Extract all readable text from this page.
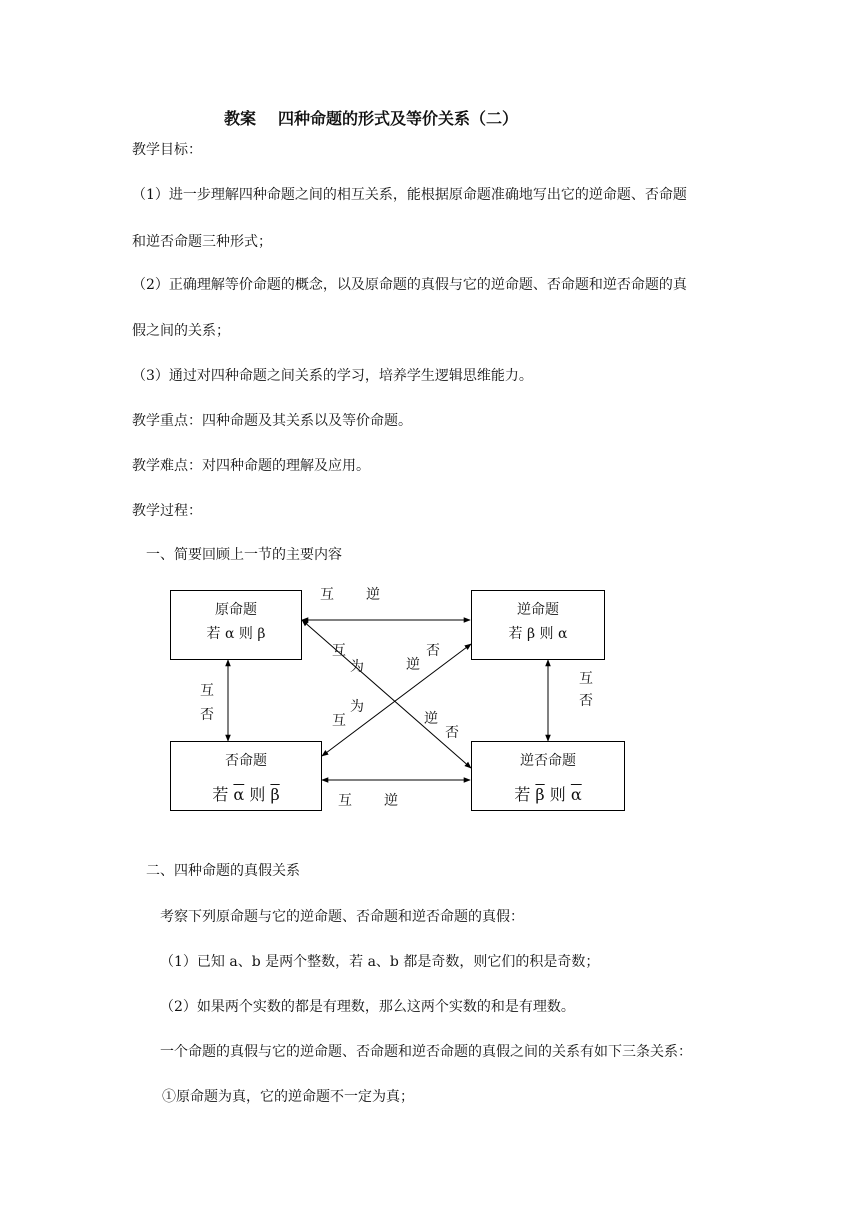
教案 四种命题的形式及等价关系（二）
教学目标：
（1）进一步理解四种命题之间的相互关系，能根据原命题准确地写出它的逆命题、否命题
和逆否命题三种形式；
（2）正确理解等价命题的概念，以及原命题的真假与它的逆命题、否命题和逆否命题的真
假之间的关系；
（3）通过对四种命题之间关系的学习，培养学生逻辑思维能力。
教学重点：四种命题及其关系以及等价命题。
教学难点：对四种命题的理解及应用。
教学过程：
一、简要回顾上一节的主要内容
原命题
若 α 则 β
逆命题
若 β 则 α
否命题
若 $\overline{\alpha}$ 则 $\overline{\beta}$
逆否命题
若 $\overline{\beta}$ 则 $\overline{\alpha}$
互 逆
互 逆
互
否
互
否
互
为	逆
否
为
互	逆
否
二、四种命题的真假关系
考察下列原命题与它的逆命题、否命题和逆否命题的真假：
（1）已知 a、b 是两个整数，若 a、b 都是奇数，则它们的积是奇数；
（2）如果两个实数的都是有理数，那么这两个实数的和是有理数。
一个命题的真假与它的逆命题、否命题和逆否命题的真假之间的关系有如下三条关系：
①原命题为真，它的逆命题不一定为真；
